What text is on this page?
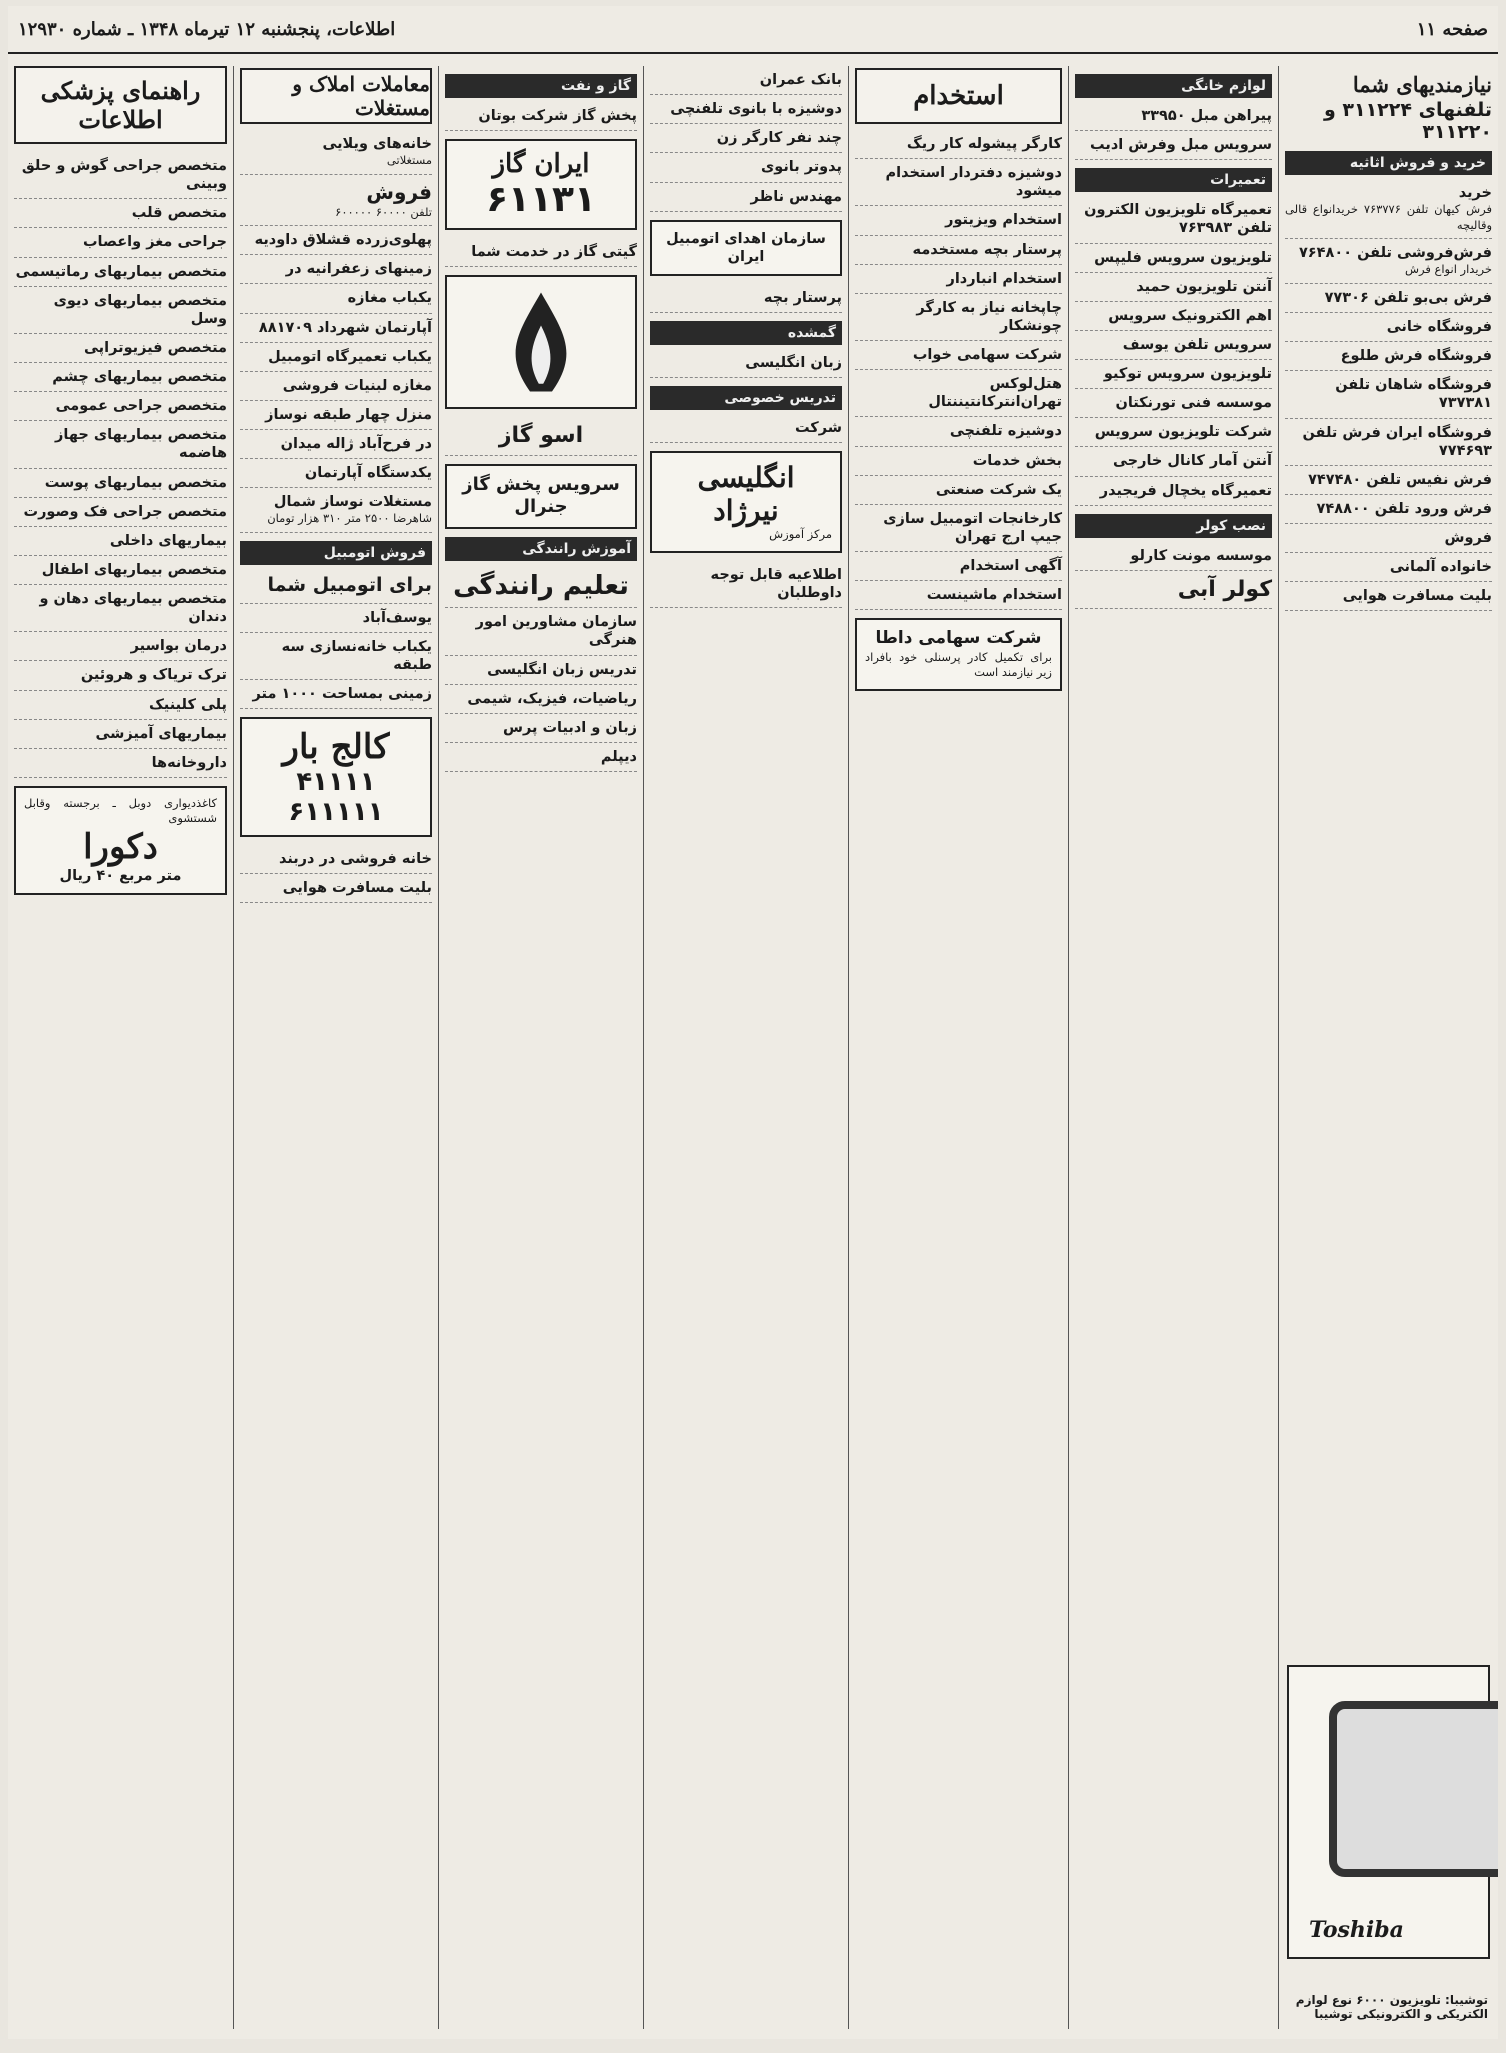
صفحه ۱۱
اطلاعات، پنجشنبه ۱۲ تیرماه ۱۳۴۸ ـ شماره ۱۲۹۳۰
نیازمندیهای شما
تلفنهای ۳۱۱۲۲۴ و ۳۱۱۲۲۰
خرید و فروش اثاثیه
خرید
فرش کیهان تلفن ۷۶۳۷۷۶ خریدانواع قالی وقالیچه
فرش‌فروشی تلفن ۷۶۴۸۰۰
خریدار انواع فرش
فرش بی‌بو تلفن ۷۷۳۰۶
فروشگاه خانی
فروشگاه فرش طلوع
فروشگاه شاهان تلفن ۷۳۷۳۸۱
فروشگاه ایران فرش تلفن ۷۷۴۶۹۳
فرش نفیس تلفن ۷۴۷۴۸۰
فرش ورود تلفن ۷۴۸۸۰۰
فروش
خانواده آلمانی
بلیت مسافرت هوایی
Toshiba
توشیبا: تلویزیون ۶۰۰۰ نوع لوازم الکتریکی و الکترونیکی توشیبا
لوازم خانگی
پیراهن مبل ۳۳۹۵۰
سرویس مبل وفرش ادیب
تعمیرات
تعمیرگاه تلویزیون الکترون تلفن ۷۶۳۹۸۳
تلویزیون سرویس فلیپس
آنتن تلویزیون حمید
اهم الکترونیک سرویس
سرویس تلفن یوسف
تلویزیون سرویس توکیو
موسسه فنی تورنکتان
شرکت تلویزیون سرویس
آنتن آمار کانال خارجی
تعمیرگاه یخچال فریجیدر
نصب کولر
موسسه مونت کارلو
کولر آبی
استخدام
کارگر پیشوله کار ریگ
دوشیزه دفتردار استخدام میشود
استخدام ویزیتور
پرستار بچه مستخدمه
استخدام انباردار
چاپخانه نیاز به کارگر چونشکار
شرکت سهامی خواب
هتل‌لوکس تهران‌انترکانتیننتال
دوشیزه تلفنچی
بخش خدمات
یک شرکت صنعتی
کارخانجات اتومبیل سازی جیپ ارج تهران
آگهی استخدام
استخدام ماشینست
شرکت سهامی داطا
برای تکمیل کادر پرسنلی خود بافراد زیر نیازمند است
بانک عمران
دوشیزه با بانوی تلفنچی
چند نفر کارگر زن
پدوتر بانوی
مهندس ناظر
سازمان اهدای اتومبیل ایران
پرستار بچه
گمشده
زبان انگلیسی
تدریس خصوصی
شرکت
انگلیسی نیرژاد
مرکز آموزش
اطلاعیه قابل توجه داوطلبان
گاز و نفت
پخش گاز شرکت بوتان
ایران گاز
۶۱۱۳۱
گیتی گاز در خدمت شما
اسو گاز
سرویس پخش گاز جنرال
آموزش رانندگی
تعلیم رانندگی
سازمان مشاورین امور هنرگی
تدریس زبان انگلیسی
ریاضیات، فیزیک، شیمی
زبان و ادبیات پرس
دیپلم
معاملات املاک و مستغلات
خانه‌های ویلایی
مستغلاتی
فروش
تلفن ۶۰۰۰۰ ۶۰۰۰۰۰
پهلوی‌زرده قشلاق داودیه
زمینهای زعفرانیه در
یکباب مغازه
آپارتمان شهرداد ۸۸۱۷۰۹
یکباب تعمیرگاه اتومبیل
مغازه لبنیات فروشی
منزل چهار طبقه نوساز
در فرح‌آباد ژاله میدان
یکدستگاه آپارتمان
مستغلات نوساز شمال
شاهرضا ۲۵۰۰ متر ۳۱۰ هزار تومان
فروش اتومبیل
برای اتومبیل شما
یوسف‌آباد
یکباب خانه‌نسازی سه طبقه
زمینی بمساحت ۱۰۰۰ متر
کالج بار
۴۱۱۱۱ ۶۱۱۱۱۱
خانه فروشی در دربند
بلیت مسافرت هوایی
راهنمای پزشکی اطلاعات
متخصص جراحی گوش و حلق وبینی
متخصص قلب
جراحی مغز واعصاب
متخصص بیماریهای رماتیسمی
متخصص بیماریهای دیوی وسل
متخصص فیزیوتراپی
متخصص بیماریهای چشم
متخصص جراحی عمومی
متخصص بیماریهای جهاز هاضمه
متخصص بیماریهای پوست
متخصص جراحی فک وصورت
بیماریهای داخلی
متخصص بیماریهای اطفال
متخصص بیماریهای دهان و دندان
درمان بواسیر
ترک تریاک و هروئین
پلی کلینیک
بیماریهای آمیزشی
داروخانه‌ها
کاغذدیواری دوبل ـ برجسته وقابل شستشوی
دکورا
متر مربع ۴۰ ریال
